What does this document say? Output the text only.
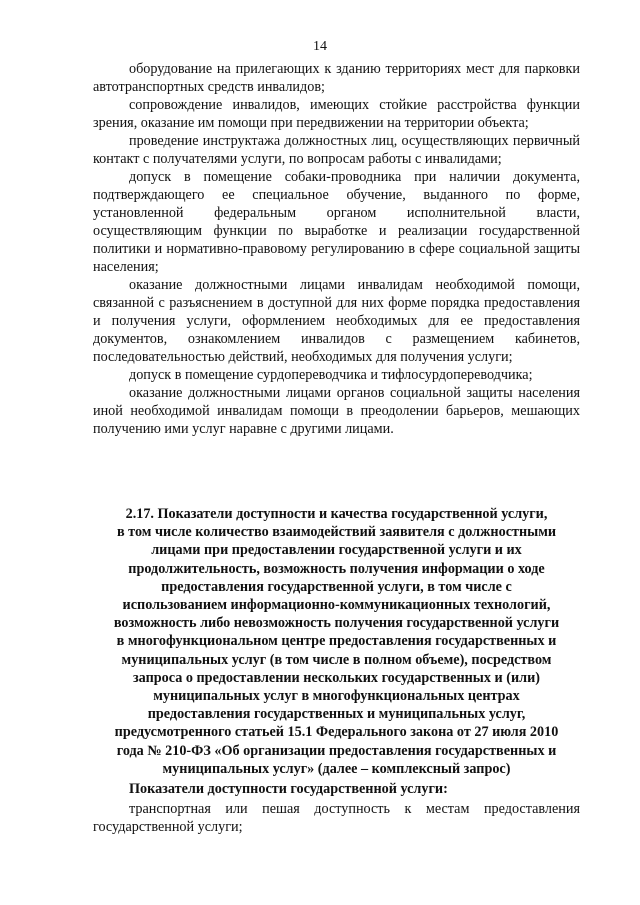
14

оборудование на прилегающих к зданию территориях мест для парковки автотранспортных средств инвалидов;

сопровождение инвалидов, имеющих стойкие расстройства функции зрения, оказание им помощи при передвижении на территории объекта;

проведение инструктажа должностных лиц, осуществляющих первичный контакт с получателями услуги, по вопросам работы с инвалидами;

допуск в помещение собаки-проводника при наличии документа, подтверждающего ее специальное обучение, выданного по форме, установленной федеральным органом исполнительной власти, осуществляющим функции по выработке и реализации государственной политики и нормативно-правовому регулированию в сфере социальной защиты населения;

оказание должностными лицами инвалидам необходимой помощи, связанной с разъяснением в доступной для них форме порядка предоставления и получения услуги, оформлением необходимых для ее предоставления документов, ознакомлением инвалидов с размещением кабинетов, последовательностью действий, необходимых для получения услуги;

допуск в помещение сурдопереводчика и тифлосурдопереводчика;

оказание должностными лицами органов социальной защиты населения иной необходимой инвалидам помощи в преодолении барьеров, мешающих получению ими услуг наравне с другими лицами.

2.17. Показатели доступности и качества государственной услуги,
в том числе количество взаимодействий заявителя с должностными
лицами при предоставлении государственной услуги и их
продолжительность, возможность получения информации о ходе
предоставления государственной услуги, в том числе с
использованием информационно-коммуникационных технологий,
возможность либо невозможность получения государственной услуги
в многофункциональном центре предоставления государственных и
муниципальных услуг (в том числе в полном объеме), посредством
запроса о предоставлении нескольких государственных и (или)
муниципальных услуг в многофункциональных центрах
предоставления государственных и муниципальных услуг,
предусмотренного статьей 15.1 Федерального закона от 27 июля 2010
года № 210-ФЗ «Об организации предоставления государственных и
муниципальных услуг» (далее – комплексный запрос)
Показатели доступности государственной услуги:

транспортная или пешая доступность к местам предоставления государственной услуги;
